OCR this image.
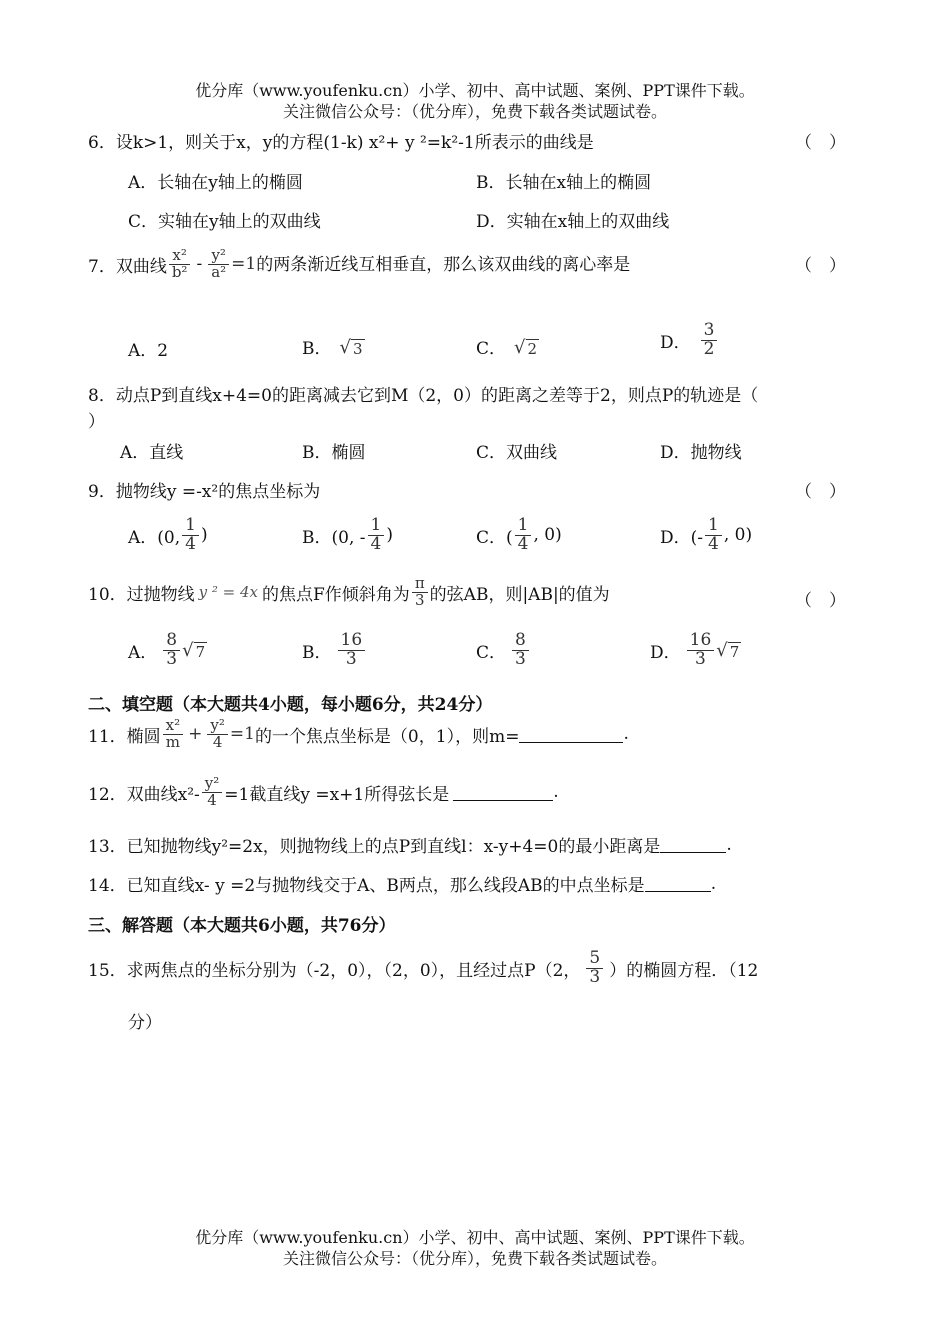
优分库（www.youfenku.cn）小学、初中、高中试题、案例、PPT课件下载。
关注微信公众号：（优分库），免费下载各类试题试卷。
6．设k>1，则关于x，y的方程(1-k) x²+ y ²=k²-1所表示的曲线是	（　）
A．长轴在y轴上的椭圆	B．长轴在x轴上的椭圆
C．实轴在y轴上的双曲线	D．实轴在x轴上的双曲线
7．双曲线 $\frac{\text{x²}}{\text{b²}} - \frac{\text{y²}}{\text{a²}} =1$ 的两条渐近线互相垂直，那么该双曲线的离心率是	（　）
A．2	B． √ 3	C． √ 2	D． $\frac{3}{2}$
8．动点P到直线x+4=0的距离减去它到M（2，0）的距离之差等于2，则点P的轨迹是（
）
A．直线	B．椭圆	C．双曲线	D．抛物线
9．抛物线y =-x²的焦点坐标为	（　）
A．(0, $\frac{1}{4}$ )	B．(0, - $\frac{1}{4}$ )	C．( $\frac{1}{4}$ , 0)	D．(- $\frac{1}{4}$ , 0)
10．过抛物线 y ² = 4x 的焦点F作倾斜角为 $\frac{\pi}{3}$ 的弦AB，则|AB|的值为	（　）
A． $\frac{8}{3}$ √ 7	B． $\frac{16}{3}$	C． $\frac{8}{3}$	D． $\frac{16}{3}$ √ 7
二、填空题（本大题共4小题，每小题6分，共24分）
11．椭圆 $\frac{\text{x²}}{m} + \frac{\text{y²}}{4} =1$ 的一个焦点坐标是（0，1），则m=	.
12．双曲线$x^2- \frac{\text{y²}}{4} =1$截直线y =x+1所得弦长是	.
13．已知抛物线y²=2x，则抛物线上的点P到直线l：x-y+4=0的最小距离是	.
14．已知直线x- y =2与抛物线交于A、B两点，那么线段AB的中点坐标是	.
三、解答题（本大题共6小题，共76分）
15．求两焦点的坐标分别为（-2，0），（2，0），且经过点P（2， $\frac{5}{3}$ ）的椭圆方程．（12
分）
优分库（www.youfenku.cn）小学、初中、高中试题、案例、PPT课件下载。
关注微信公众号：（优分库），免费下载各类试题试卷。
